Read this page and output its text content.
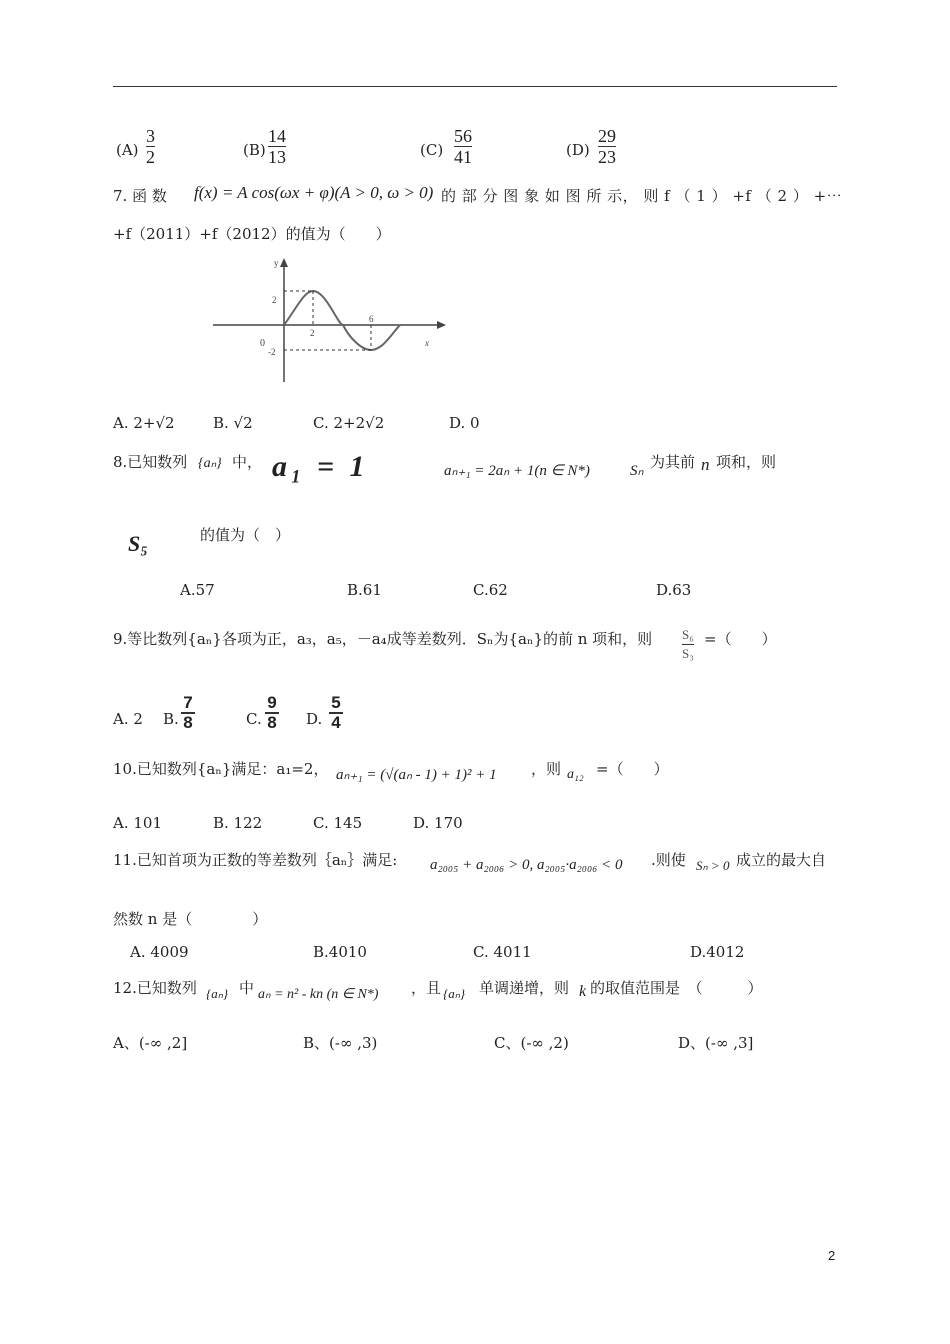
(A)
3
2	(B)
14
13	(C)
56
41	(D)
29
23
7. 函 数 f(x) = A cos(ωx + φ)(A > 0, ω > 0) 的 部 分 图 象 如 图 所 示， 则 f （ 1 ） +f （ 2 ） +⋯
+f（2011）+f（2012）的值为（　　）
y
x
0
2
-2
2
6
A. 2+√2	B. √2	C. 2+2√2	D. 0
8.已知数列 {aₙ} 中， a₁ = 1	aₙ₊₁ = 2aₙ + 1(n ∈ N*)	Sₙ 为其前 n 项和，则
S₅	的值为（　）
A.57	B.61	C.62	D.63
9.等比数列{aₙ}各项为正，a₃，a₅，－a₄成等差数列．Sₙ为{aₙ}的前 n 项和，则 S₆
S₃
=（　　）
A. 2 B.
7
8	C.
9
8 D.
5
4
10.已知数列{aₙ}满足：a₁=2， aₙ₊₁ = (√(aₙ - 1) + 1)² + 1 ，则 a₁₂ =（　　）
A. 101	B. 122	C. 145	D. 170
11.已知首项为正数的等差数列｛aₙ｝满足: a₂₀₀₅ + a₂₀₀₆ > 0, a₂₀₀₅·a₂₀₀₆ < 0 .则使 Sₙ > 0 成立的最大自
然数 n 是（　　　　）
A. 4009	B.4010	C. 4011	D.4012
12.已知数列 {aₙ} 中 aₙ = n² - kn (n ∈ N*) ，且 {aₙ} 单调递增，则 k 的取值范围是　（　　　）
A、(-∞ ,2]	B、(-∞ ,3)	C、(-∞ ,2)	D、(-∞ ,3]
2
